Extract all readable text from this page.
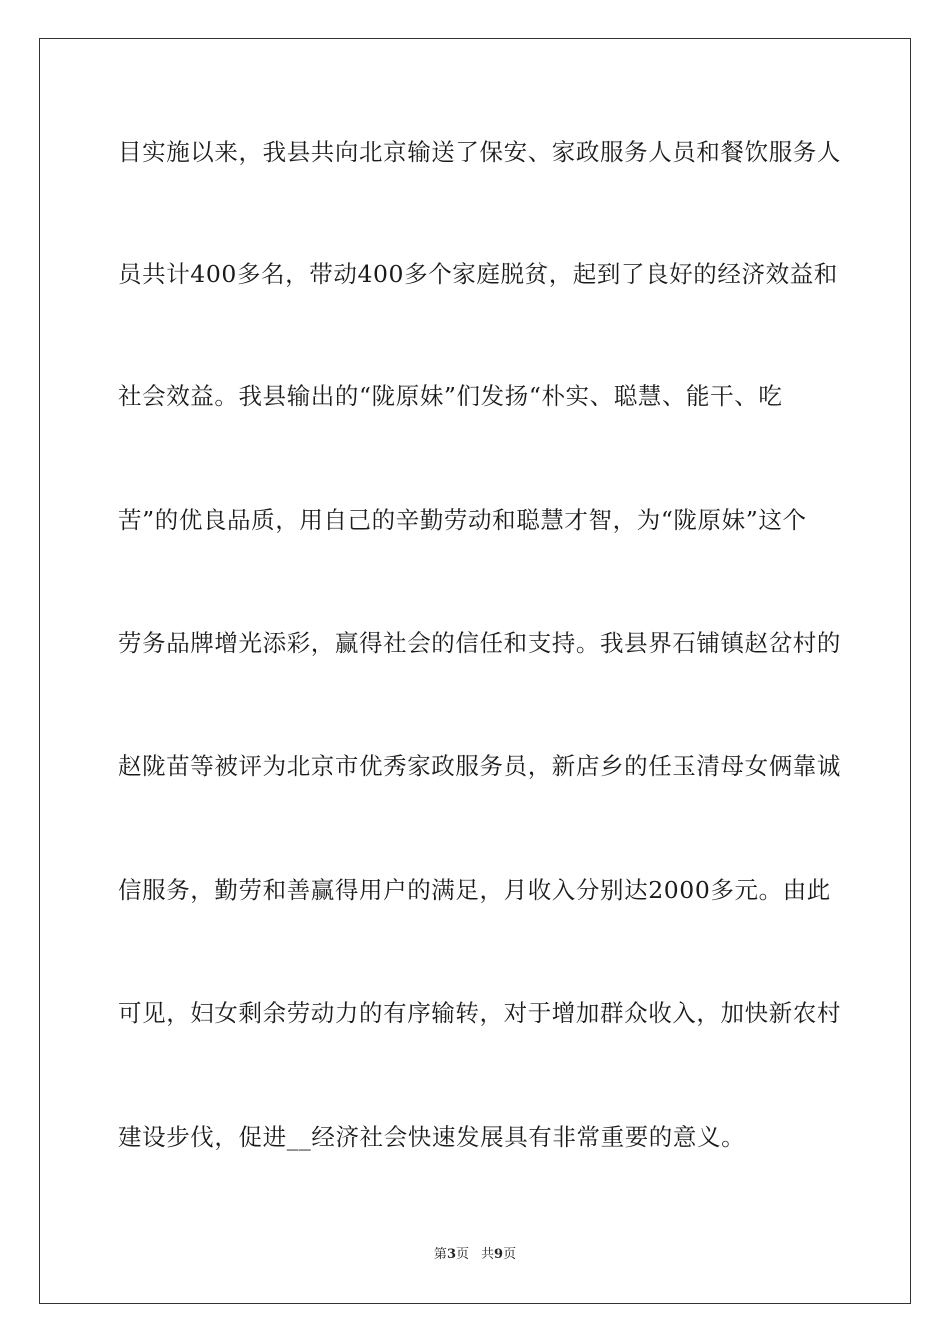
目实施以来，我县共向北京输送了保安、家政服务人员和餐饮服务人
员共计400多名，带动400多个家庭脱贫，起到了良好的经济效益和
社会效益。我县输出的“陇原妹”们发扬“朴实、聪慧、能干、吃
苦”的优良品质，用自己的辛勤劳动和聪慧才智，为“陇原妹”这个
劳务品牌增光添彩，赢得社会的信任和支持。我县界石铺镇赵岔村的
赵陇苗等被评为北京市优秀家政服务员，新店乡的任玉清母女俩靠诚
信服务，勤劳和善赢得用户的满足，月收入分别达2000多元。由此
可见，妇女剩余劳动力的有序输转，对于增加群众收入，加快新农村
建设步伐，促进__经济社会快速发展具有非常重要的意义。
第3页 共9页
